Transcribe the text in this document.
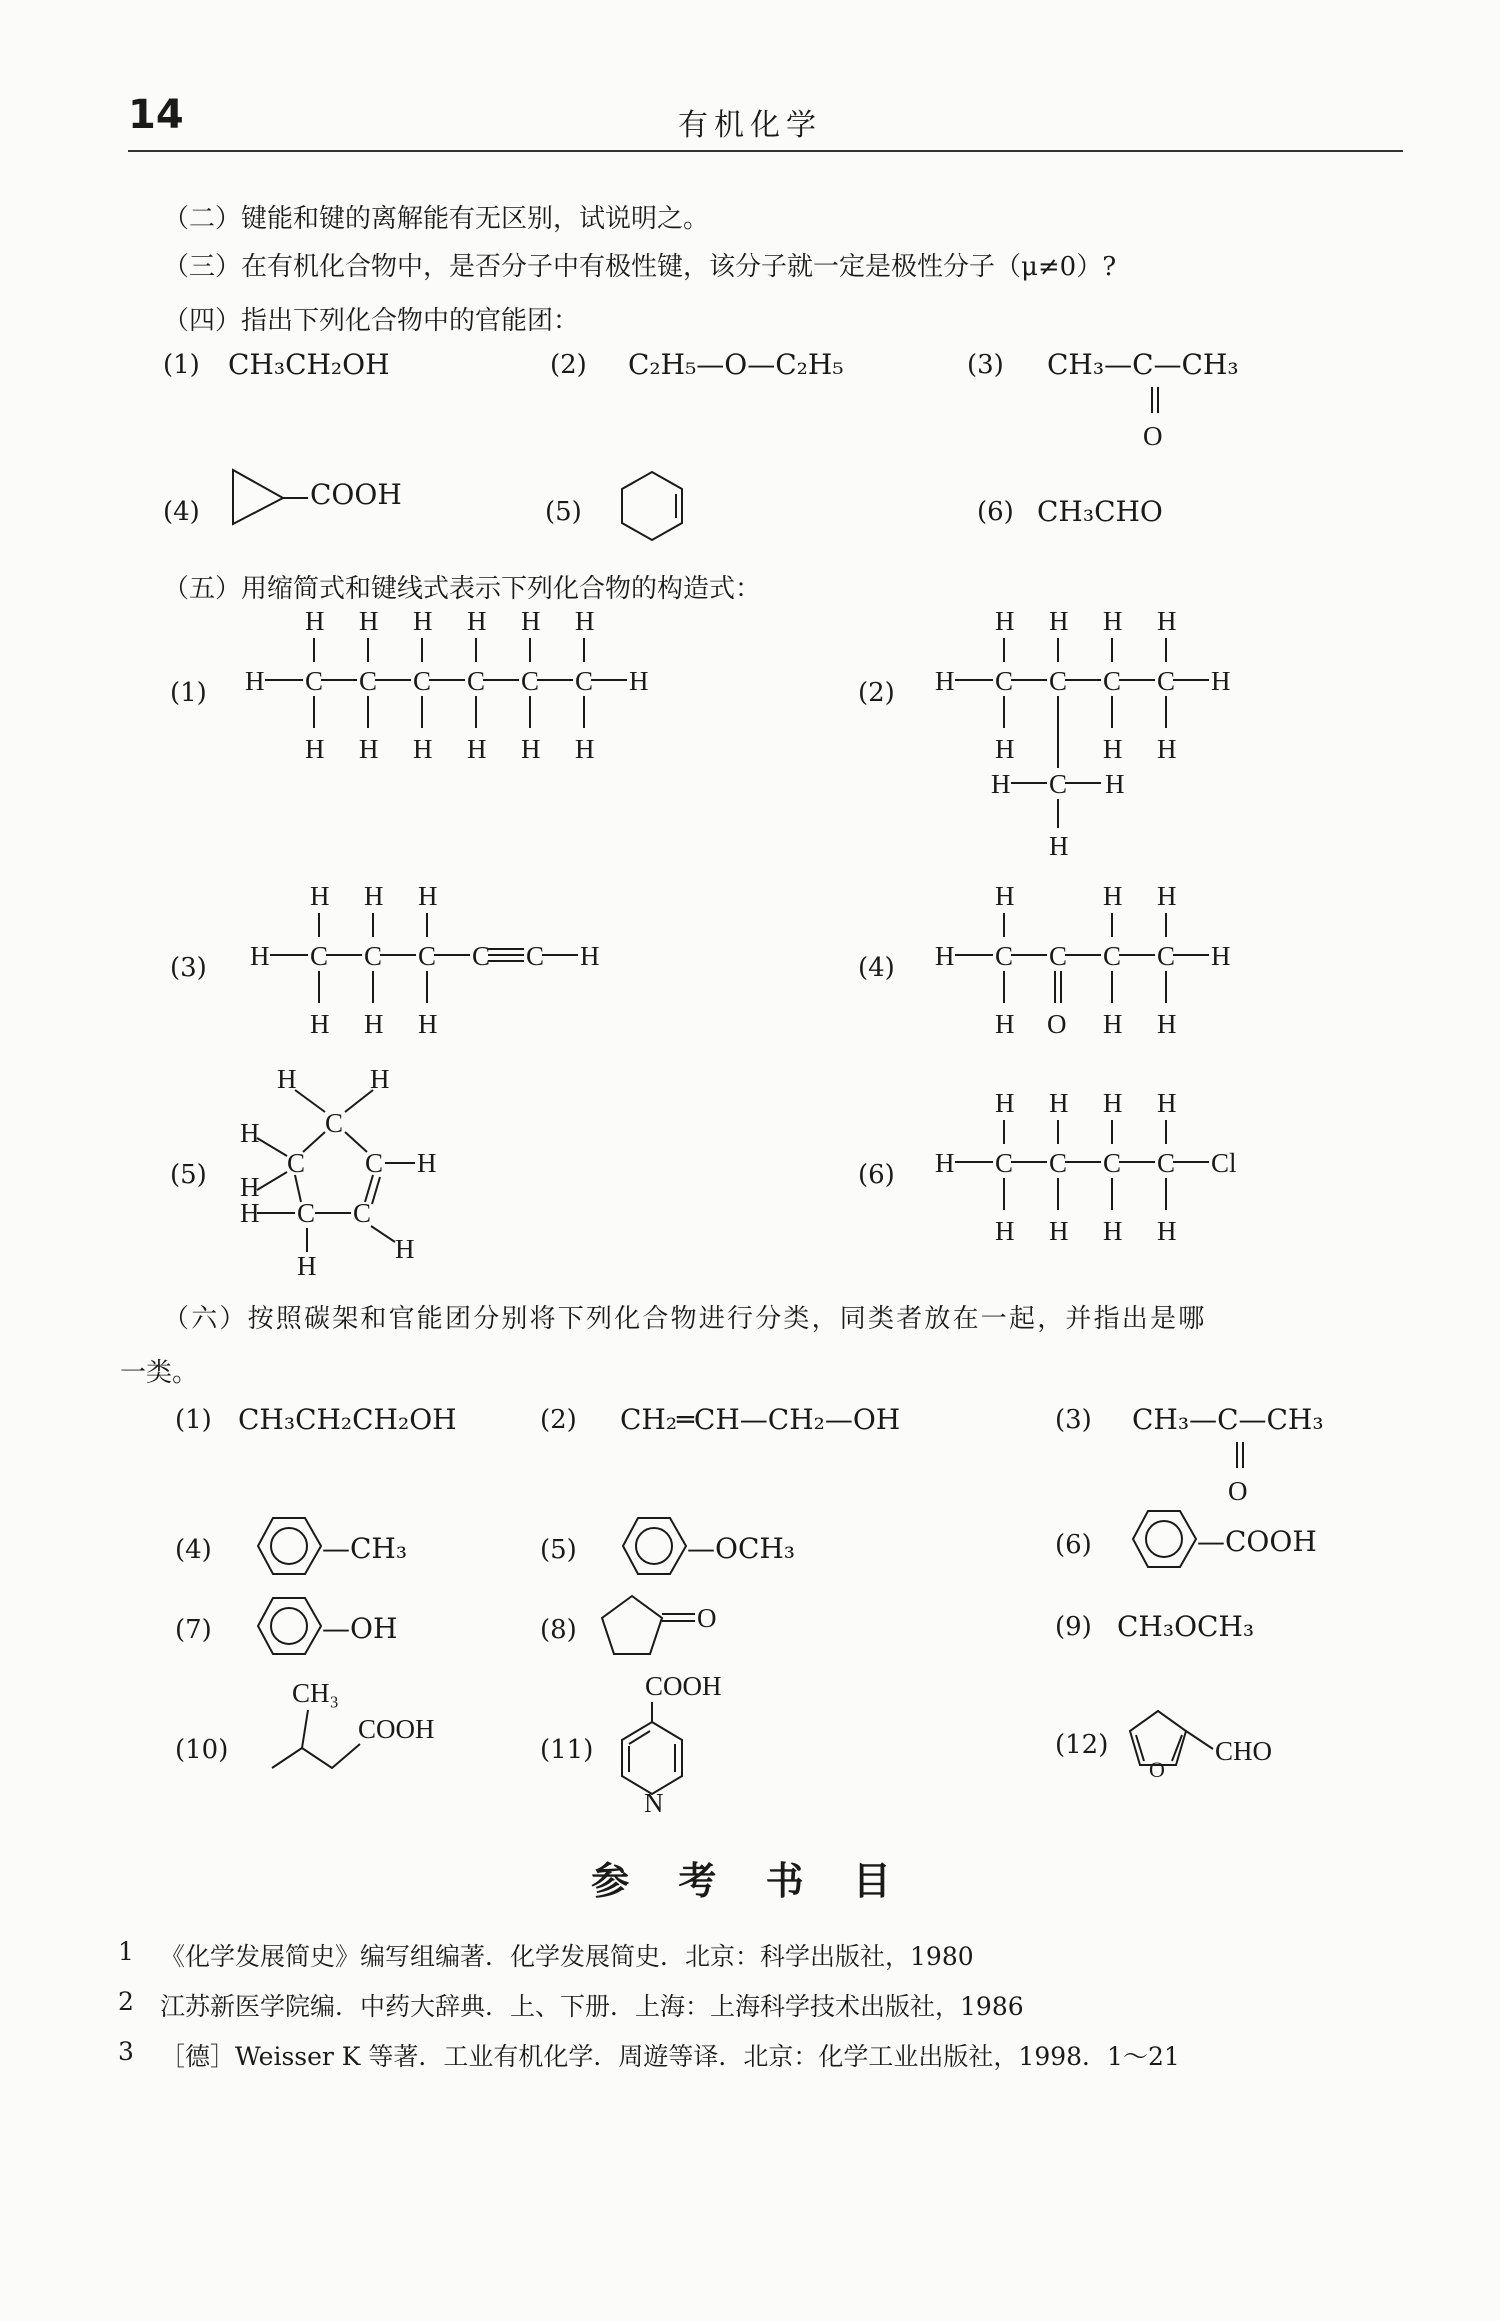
14	有机化学
（二）键能和键的离解能有无区别，试说明之。
（三）在有机化合物中，是否分子中有极性键，该分子就一定是极性分子（μ≠0）?
（四）指出下列化合物中的官能团：
(1) CH₃CH₂OH	(2) C₂H₅—O—C₂H₅	(3) CH₃—C—CH₃
O
(4)
COOH
(5)	(6) CH₃CHO
（五）用缩简式和键线式表示下列化合物的构造式：
(1) H C C C C C C H
H H H H H H
H H H H H H
(2) H C C C C H
H H H H
H	H H
H C H
H
(3) H C C C C C H
H H H
H H H
(4) H C C C C H
H	H H
H O H H
(5)
H	H
C
H
C C H
H
H C C
H
H
(6) H C C C C Cl
H H H H
H H H H
（六）按照碳架和官能团分别将下列化合物进行分类，同类者放在一起，并指出是哪
一类。
(1) CH₃CH₂CH₂OH	(2) CH₂═CH—CH₂—OH	(3) CH₃—C—CH₃
O
(4)	—CH₃	(5)	—OCH₃	(6)	—COOH
(7)	—OH	(8)	O	(9) CH₃OCH₃
(10)
CH₃
COOH
(11)
COOH
N
(12)
O
CHO
参 考 书 目
1 《化学发展简史》编写组编著．化学发展简史．北京：科学出版社，1980
2 江苏新医学院编．中药大辞典．上、下册．上海：上海科学技术出版社，1986
3 ［德］Weisser K 等著．工业有机化学．周遊等译．北京：化学工业出版社，1998．1～21
